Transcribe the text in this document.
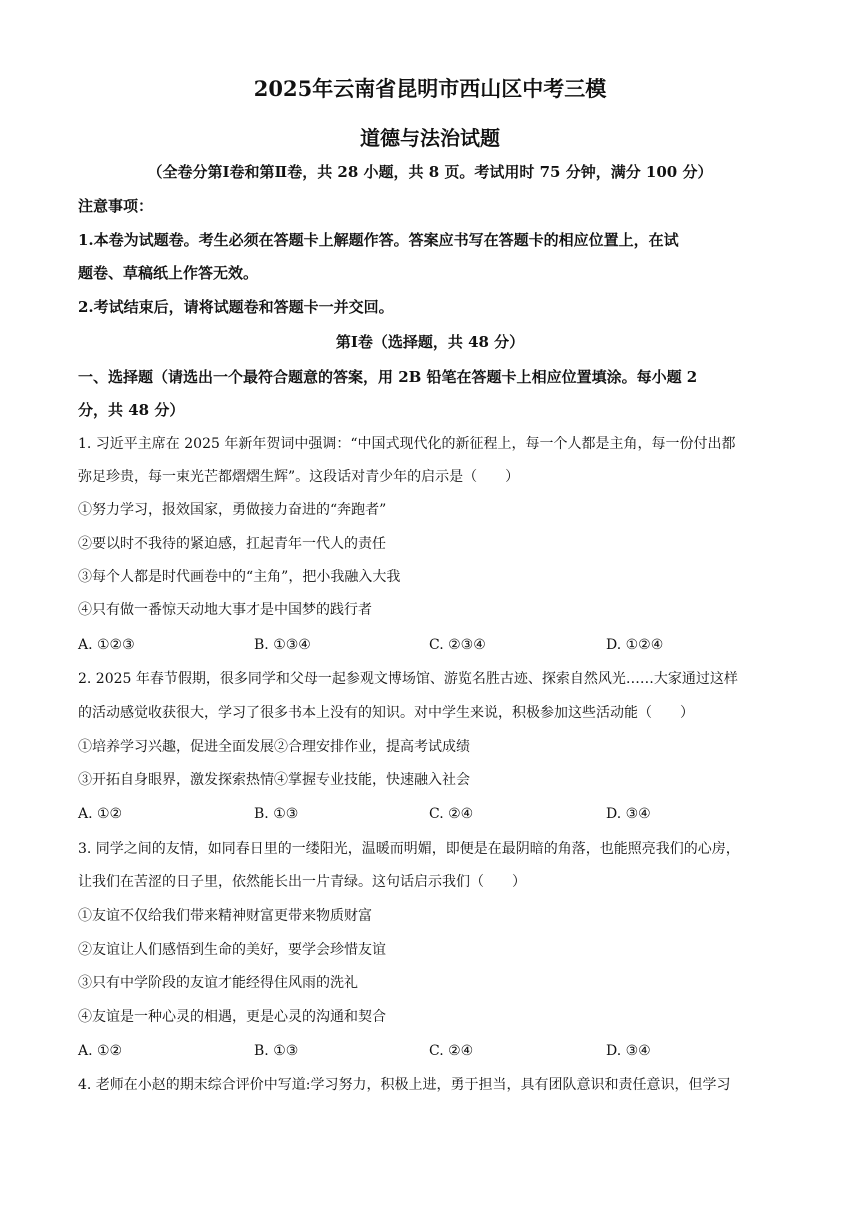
2025年云南省昆明市西山区中考三模
道德与法治试题
（全卷分第Ⅰ卷和第Ⅱ卷，共 28 小题，共 8 页。考试用时 75 分钟，满分 100 分）
注意事项：
1.本卷为试题卷。考生必须在答题卡上解题作答。答案应书写在答题卡的相应位置上，在试
题卷、草稿纸上作答无效。
2.考试结束后，请将试题卷和答题卡一并交回。
第Ⅰ卷（选择题，共 48 分）
一、选择题（请选出一个最符合题意的答案，用 2B 铅笔在答题卡上相应位置填涂。每小题 2
分，共 48 分）
1. 习近平主席在 2025 年新年贺词中强调：“中国式现代化的新征程上，每一个人都是主角，每一份付出都
弥足珍贵，每一束光芒都熠熠生辉”。这段话对青少年的启示是（　　）
①努力学习，报效国家，勇做接力奋进的“奔跑者”
②要以时不我待的紧迫感，扛起青年一代人的责任
③每个人都是时代画卷中的“主角”，把小我融入大我
④只有做一番惊天动地大事才是中国梦的践行者
A. ①②③	B. ①③④	C. ②③④	D. ①②④
2. 2025 年春节假期，很多同学和父母一起参观文博场馆、游览名胜古迹、探索自然风光……大家通过这样
的活动感觉收获很大，学习了很多书本上没有的知识。对中学生来说，积极参加这些活动能（　　）
①培养学习兴趣，促进全面发展②合理安排作业，提高考试成绩
③开拓自身眼界，激发探索热情④掌握专业技能，快速融入社会
A. ①②	B. ①③	C. ②④	D. ③④
3. 同学之间的友情，如同春日里的一缕阳光，温暖而明媚，即便是在最阴暗的角落，也能照亮我们的心房，
让我们在苦涩的日子里，依然能长出一片青绿。这句话启示我们（　　）
①友谊不仅给我们带来精神财富更带来物质财富
②友谊让人们感悟到生命的美好，要学会珍惜友谊
③只有中学阶段的友谊才能经得住风雨的洗礼
④友谊是一种心灵的相遇，更是心灵的沟通和契合
A. ①②	B. ①③	C. ②④	D. ③④
4. 老师在小赵的期末综合评价中写道:学习努力，积极上进，勇于担当，具有团队意识和责任意识，但学习
